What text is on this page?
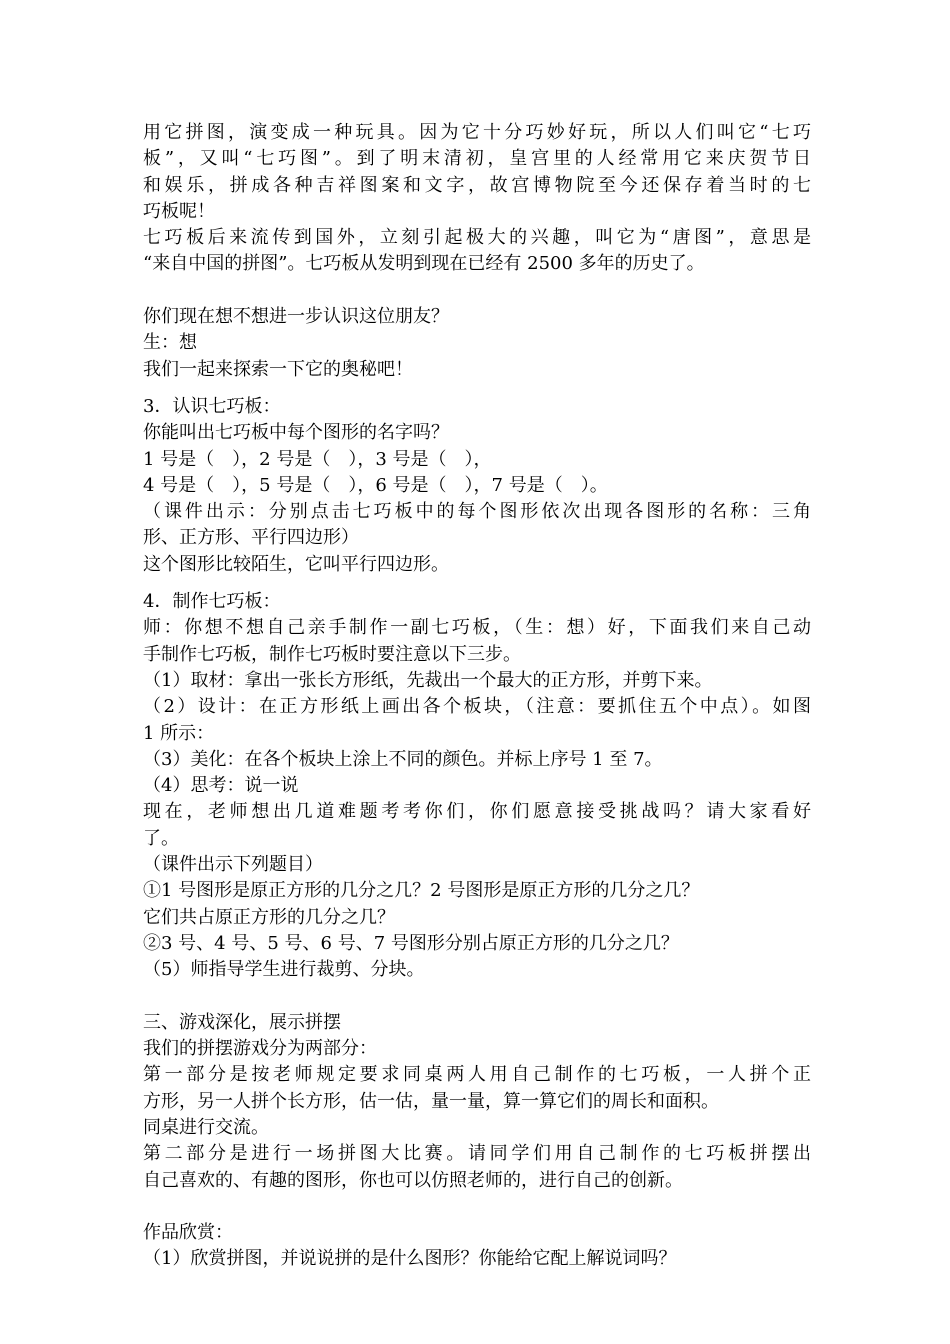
用它拼图，演变成一种玩具。因为它十分巧妙好玩，所以人们叫它“七巧
板”，又叫“七巧图”。到了明末清初，皇宫里的人经常用它来庆贺节日
和娱乐，拼成各种吉祥图案和文字，故宫博物院至今还保存着当时的七
巧板呢！
七巧板后来流传到国外，立刻引起极大的兴趣，叫它为“唐图”，意思是
“来自中国的拼图”。七巧板从发明到现在已经有 2500 多年的历史了。
你们现在想不想进一步认识这位朋友？
生：想
我们一起来探索一下它的奥秘吧！
3．认识七巧板：
你能叫出七巧板中每个图形的名字吗？
1 号是（　），2 号是（　），3 号是（　），
4 号是（　），5 号是（　），6 号是（　），7 号是（　）。
（课件出示：分别点击七巧板中的每个图形依次出现各图形的名称：三角
形、正方形、平行四边形）
这个图形比较陌生，它叫平行四边形。
4．制作七巧板：
师：你想不想自己亲手制作一副七巧板，（生：想）好，下面我们来自己动
手制作七巧板，制作七巧板时要注意以下三步。
（1）取材：拿出一张长方形纸，先裁出一个最大的正方形，并剪下来。
（2）设计：在正方形纸上画出各个板块，（注意：要抓住五个中点）。如图
1 所示：
（3）美化：在各个板块上涂上不同的颜色。并标上序号 1 至 7。
（4）思考：说一说
现在，老师想出几道难题考考你们，你们愿意接受挑战吗？请大家看好
了。
（课件出示下列题目）
①1 号图形是原正方形的几分之几？2 号图形是原正方形的几分之几？
它们共占原正方形的几分之几？
②3 号、4 号、5 号、6 号、7 号图形分别占原正方形的几分之几？
（5）师指导学生进行裁剪、分块。
三、游戏深化，展示拼摆
我们的拼摆游戏分为两部分：
第一部分是按老师规定要求同桌两人用自己制作的七巧板，一人拼个正
方形，另一人拼个长方形，估一估，量一量，算一算它们的周长和面积。
同桌进行交流。
第二部分是进行一场拼图大比赛。请同学们用自己制作的七巧板拼摆出
自己喜欢的、有趣的图形，你也可以仿照老师的，进行自己的创新。
作品欣赏：
（1）欣赏拼图，并说说拼的是什么图形？你能给它配上解说词吗？
